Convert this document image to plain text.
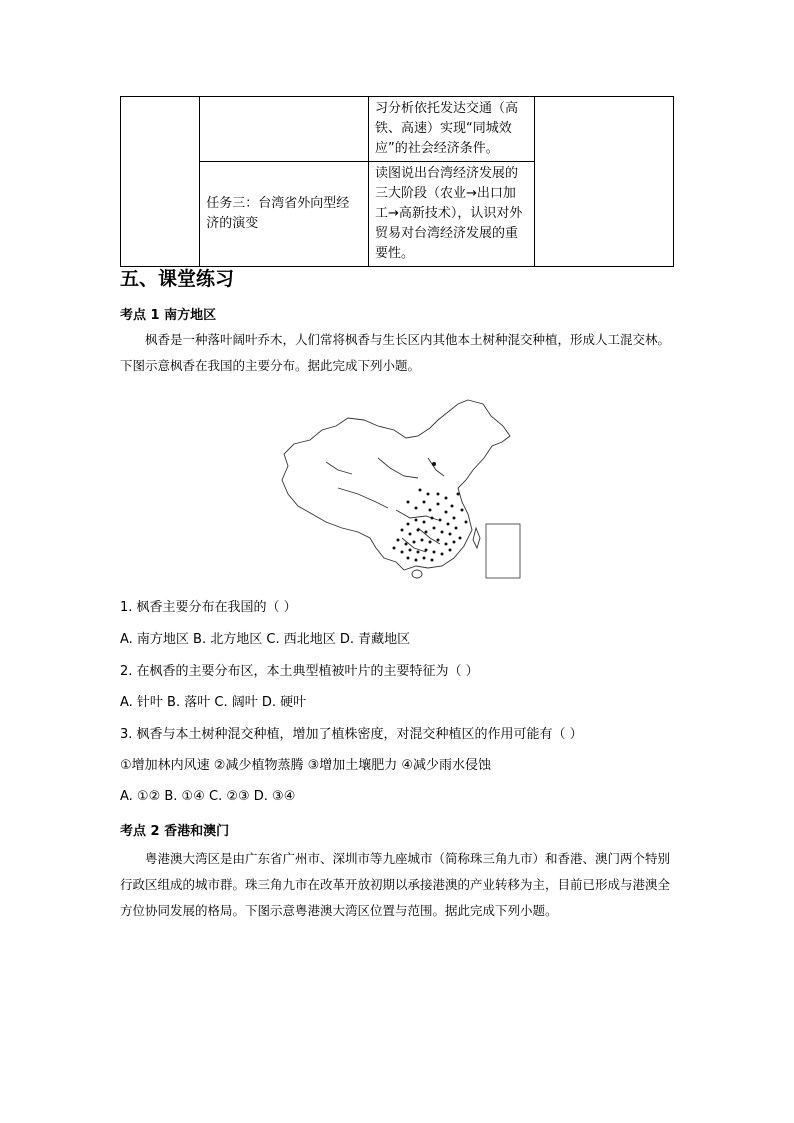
		习分析依托发达交通（高铁、高速）实现“同城效应”的社会经济条件。	
	任务三：台湾省外向型经济的演变	读图说出台湾经济发展的三大阶段（农业→出口加工→高新技术），认识对外贸易对台湾经济发展的重要性。	
五、课堂练习
考点 1 南方地区
枫香是一种落叶阔叶乔木，人们常将枫香与生长区内其他本土树种混交种植，形成人工混交林。下图示意枫香在我国的主要分布。据此完成下列小题。
1. 枫香主要分布在我国的（ ）
A. 南方地区 B. 北方地区 C. 西北地区 D. 青藏地区
2. 在枫香的主要分布区，本土典型植被叶片的主要特征为（ ）
A. 针叶 B. 落叶 C. 阔叶 D. 硬叶
3. 枫香与本土树种混交种植，增加了植株密度，对混交种植区的作用可能有（ ）
①增加林内风速 ②减少植物蒸腾 ③增加土壤肥力 ④减少雨水侵蚀
A. ①② B. ①④ C. ②③ D. ③④
考点 2 香港和澳门
粤港澳大湾区是由广东省广州市、深圳市等九座城市（简称珠三角九市）和香港、澳门两个特别行政区组成的城市群。珠三角九市在改革开放初期以承接港澳的产业转移为主，目前已形成与港澳全方位协同发展的格局。下图示意粤港澳大湾区位置与范围。据此完成下列小题。
